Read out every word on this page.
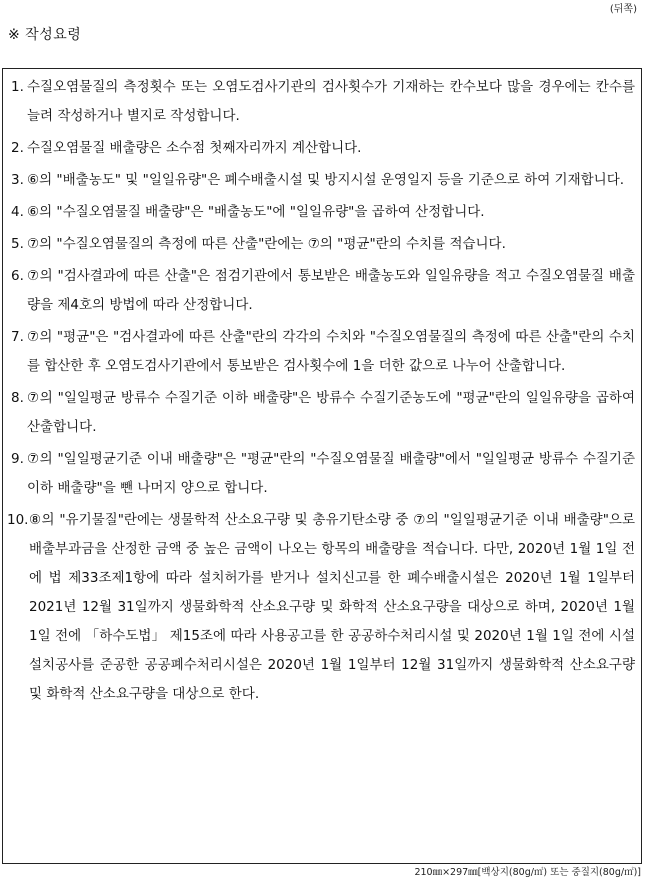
(뒤쪽)
※ 작성요령
1. 수질오염물질의 측정횟수 또는 오염도검사기관의 검사횟수가 기재하는 칸수보다 많을 경우에는 칸수를 늘려 작성하거나 별지로 작성합니다.
2. 수질오염물질 배출량은 소수점 첫째자리까지 계산합니다.
3. ⑥의 "배출농도" 및 "일일유량"은 폐수배출시설 및 방지시설 운영일지 등을 기준으로 하여 기재합니다.
4. ⑥의 "수질오염물질 배출량"은 "배출농도"에 "일일유량"을 곱하여 산정합니다.
5. ⑦의 "수질오염물질의 측정에 따른 산출"란에는 ⑦의 "평균"란의 수치를 적습니다.
6. ⑦의 "검사결과에 따른 산출"은 점검기관에서 통보받은 배출농도와 일일유량을 적고 수질오염물질 배출량을 제4호의 방법에 따라 산정합니다.
7. ⑦의 "평균"은 "검사결과에 따른 산출"란의 각각의 수치와 "수질오염물질의 측정에 따른 산출"란의 수치를 합산한 후 오염도검사기관에서 통보받은 검사횟수에 1을 더한 값으로 나누어 산출합니다.
8. ⑦의 "일일평균 방류수 수질기준 이하 배출량"은 방류수 수질기준농도에 "평균"란의 일일유량을 곱하여 산출합니다.
9. ⑦의 "일일평균기준 이내 배출량"은 "평균"란의 "수질오염물질 배출량"에서 "일일평균 방류수 수질기준 이하 배출량"을 뺀 나머지 양으로 합니다.
10. ⑧의 "유기물질"란에는 생물학적 산소요구량 및 총유기탄소량 중 ⑦의 "일일평균기준 이내 배출량"으로 배출부과금을 산정한 금액 중 높은 금액이 나오는 항목의 배출량을 적습니다. 다만, 2020년 1월 1일 전에 법 제33조제1항에 따라 설치허가를 받거나 설치신고를 한 폐수배출시설은 2020년 1월 1일부터 2021년 12월 31일까지 생물화학적 산소요구량 및 화학적 산소요구량을 대상으로 하며, 2020년 1월 1일 전에 「하수도법」 제15조에 따라 사용공고를 한 공공하수처리시설 및 2020년 1월 1일 전에 시설 설치공사를 준공한 공공폐수처리시설은 2020년 1월 1일부터 12월 31일까지 생물화학적 산소요구량 및 화학적 산소요구량을 대상으로 한다.
210㎜×297㎜[백상지(80g/㎡) 또는 중질지(80g/㎡)]
